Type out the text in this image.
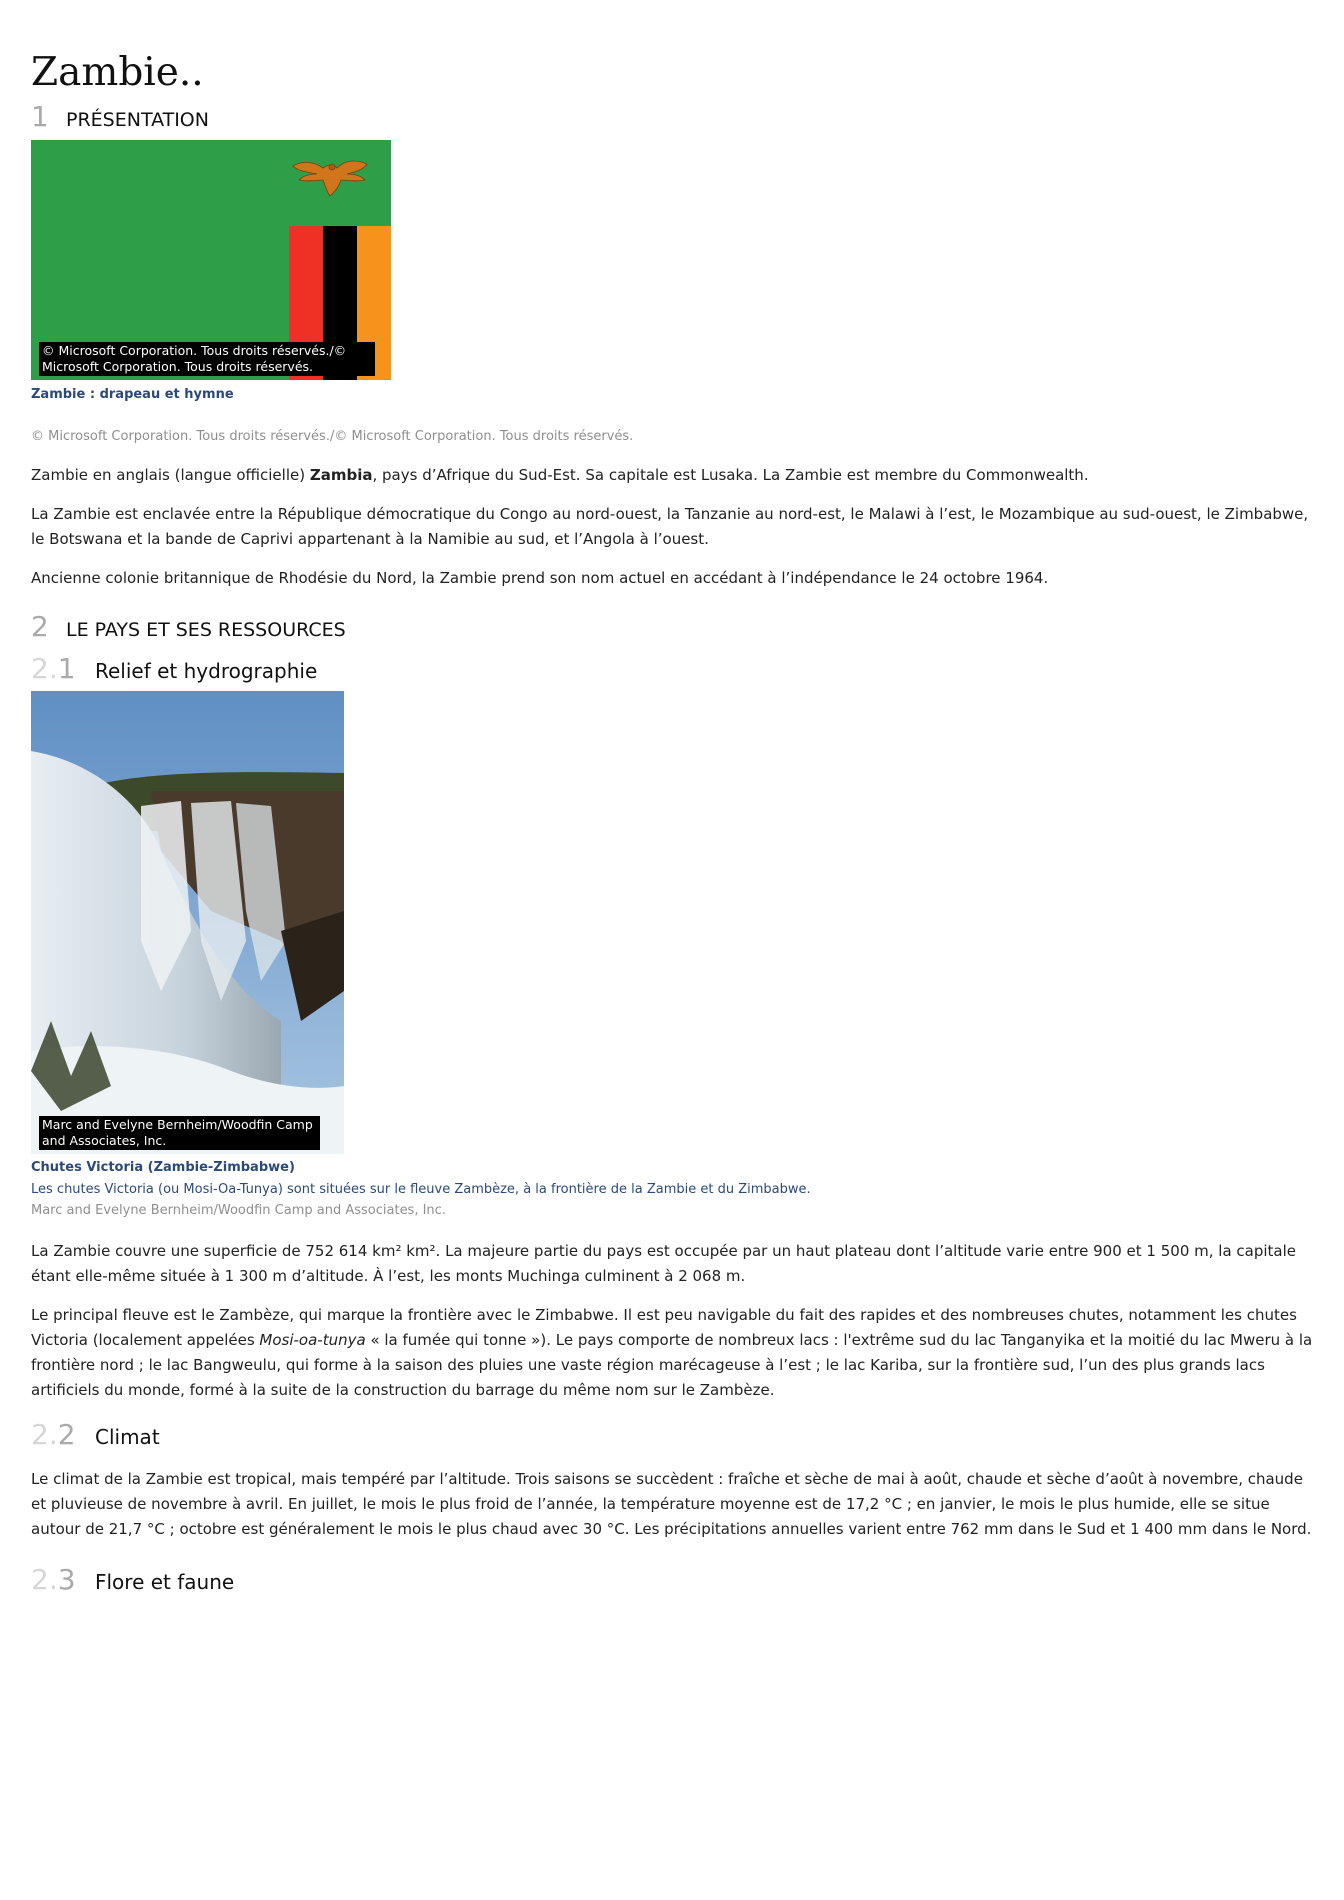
Zambie..
1 PRÉSENTATION
© Microsoft Corporation. Tous droits réservés./© Microsoft Corporation. Tous droits réservés.
Zambie : drapeau et hymne
© Microsoft Corporation. Tous droits réservés./© Microsoft Corporation. Tous droits réservés.

Zambie en anglais (langue officielle) Zambia, pays d’Afrique du Sud-Est. Sa capitale est Lusaka. La Zambie est membre du Commonwealth.

La Zambie est enclavée entre la République démocratique du Congo au nord-ouest, la Tanzanie au nord-est, le Malawi à l’est, le Mozambique au sud-ouest, le Zimbabwe, le Botswana et la bande de Caprivi appartenant à la Namibie au sud, et l’Angola à l’ouest.

Ancienne colonie britannique de Rhodésie du Nord, la Zambie prend son nom actuel en accédant à l’indépendance le 24 octobre 1964.

2 LE PAYS ET SES RESSOURCES
2.1 Relief et hydrographie
Marc and Evelyne Bernheim/Woodfin Camp and Associates, Inc.
Chutes Victoria (Zambie-Zimbabwe)
Les chutes Victoria (ou Mosi-Oa-Tunya) sont situées sur le fleuve Zambèze, à la frontière de la Zambie et du Zimbabwe.
Marc and Evelyne Bernheim/Woodfin Camp and Associates, Inc.

La Zambie couvre une superficie de 752 614 km² km². La majeure partie du pays est occupée par un haut plateau dont l’altitude varie entre 900 et 1 500 m, la capitale étant elle-même située à 1 300 m d’altitude. À l’est, les monts Muchinga culminent à 2 068 m.

Le principal fleuve est le Zambèze, qui marque la frontière avec le Zimbabwe. Il est peu navigable du fait des rapides et des nombreuses chutes, notamment les chutes Victoria (localement appelées Mosi-oa-tunya « la fumée qui tonne »). Le pays comporte de nombreux lacs : l'extrême sud du lac Tanganyika et la moitié du lac Mweru à la frontière nord ; le lac Bangweulu, qui forme à la saison des pluies une vaste région marécageuse à l’est ; le lac Kariba, sur la frontière sud, l’un des plus grands lacs artificiels du monde, formé à la suite de la construction du barrage du même nom sur le Zambèze.

2.2 Climat

Le climat de la Zambie est tropical, mais tempéré par l’altitude. Trois saisons se succèdent : fraîche et sèche de mai à août, chaude et sèche d’août à novembre, chaude et pluvieuse de novembre à avril. En juillet, le mois le plus froid de l’année, la température moyenne est de 17,2 °C ; en janvier, le mois le plus humide, elle se situe autour de 21,7 °C ; octobre est généralement le mois le plus chaud avec 30 °C. Les précipitations annuelles varient entre 762 mm dans le Sud et 1 400 mm dans le Nord.

2.3 Flore et faune
